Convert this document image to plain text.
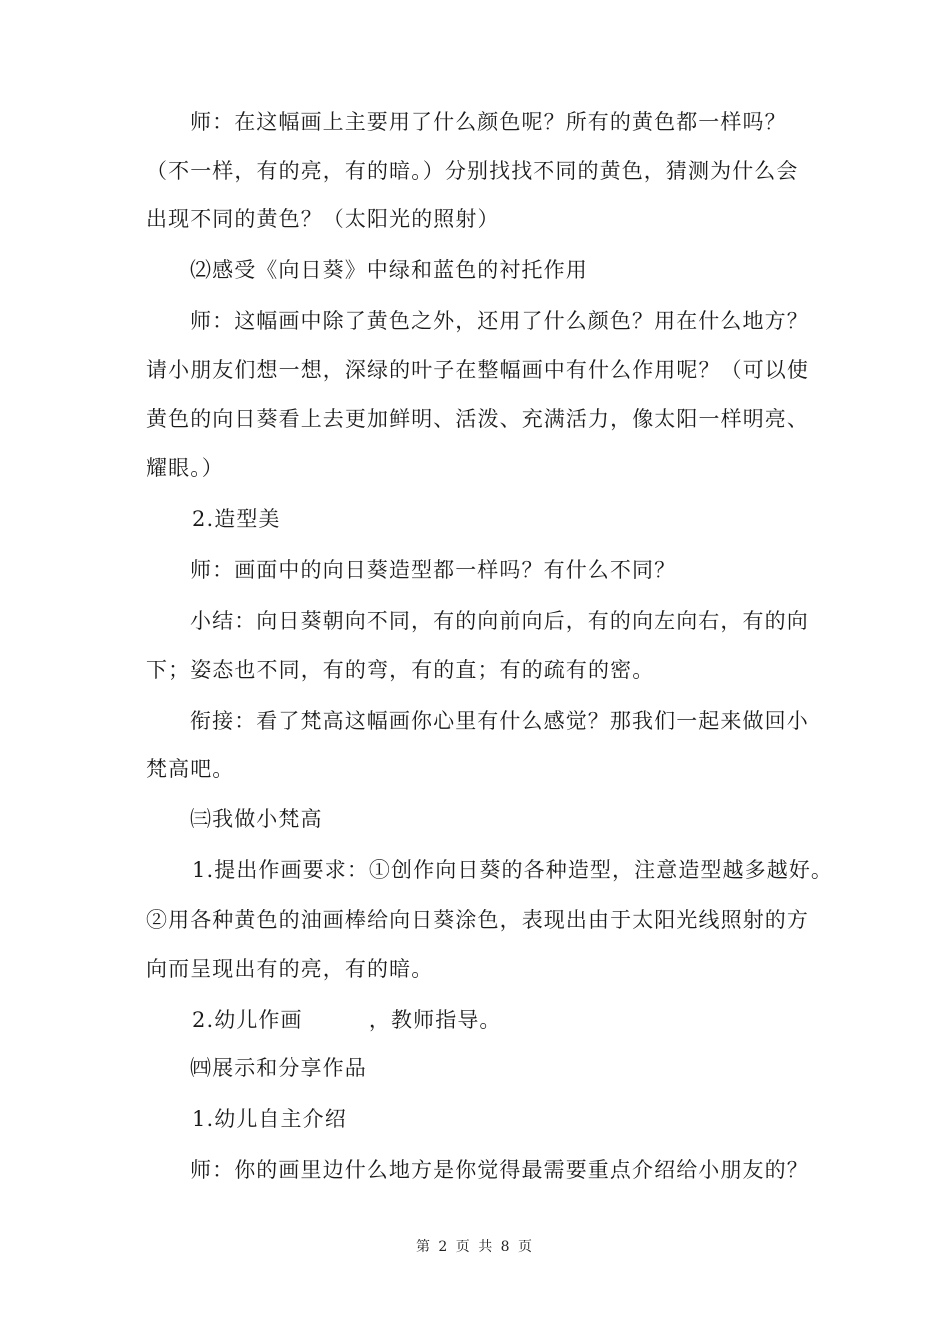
师：在这幅画上主要用了什么颜色呢？所有的黄色都一样吗？

（不一样，有的亮，有的暗。）分别找找不同的黄色，猜测为什么会

出现不同的黄色？（太阳光的照射）

⑵感受《向日葵》中绿和蓝色的衬托作用

师：这幅画中除了黄色之外，还用了什么颜色？用在什么地方？

请小朋友们想一想，深绿的叶子在整幅画中有什么作用呢？（可以使

黄色的向日葵看上去更加鲜明、活泼、充满活力，像太阳一样明亮、

耀眼。）

2.造型美

师：画面中的向日葵造型都一样吗？有什么不同？

小结：向日葵朝向不同，有的向前向后，有的向左向右，有的向

下；姿态也不同，有的弯，有的直；有的疏有的密。

衔接：看了梵高这幅画你心里有什么感觉？那我们一起来做回小

梵高吧。

㈢我做小梵高

1.提出作画要求：①创作向日葵的各种造型，注意造型越多越好。

②用各种黄色的油画棒给向日葵涂色，表现出由于太阳光线照射的方

向而呈现出有的亮，有的暗。

2.幼儿作画　　　，教师指导。

㈣展示和分享作品

1.幼儿自主介绍

师：你的画里边什么地方是你觉得最需要重点介绍给小朋友的？

第 2 页 共 8 页
